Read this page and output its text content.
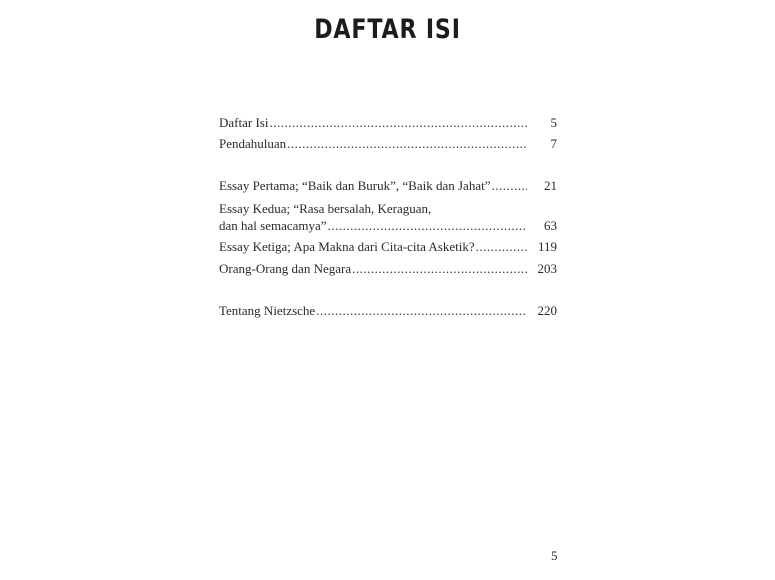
DAFTAR ISI
Daftar Isi .....	5
Pendahuluan .....	7
Essay Pertama; “Baik dan Buruk”, “Baik dan Jahat” .....	21
Essay Kedua; “Rasa bersalah, Keraguan,
dan hal semacamya” .....	63
Essay Ketiga; Apa Makna dari Cita-cita Asketik? .....	119
Orang-Orang dan Negara .....	203
Tentang Nietzsche .....	220
5
